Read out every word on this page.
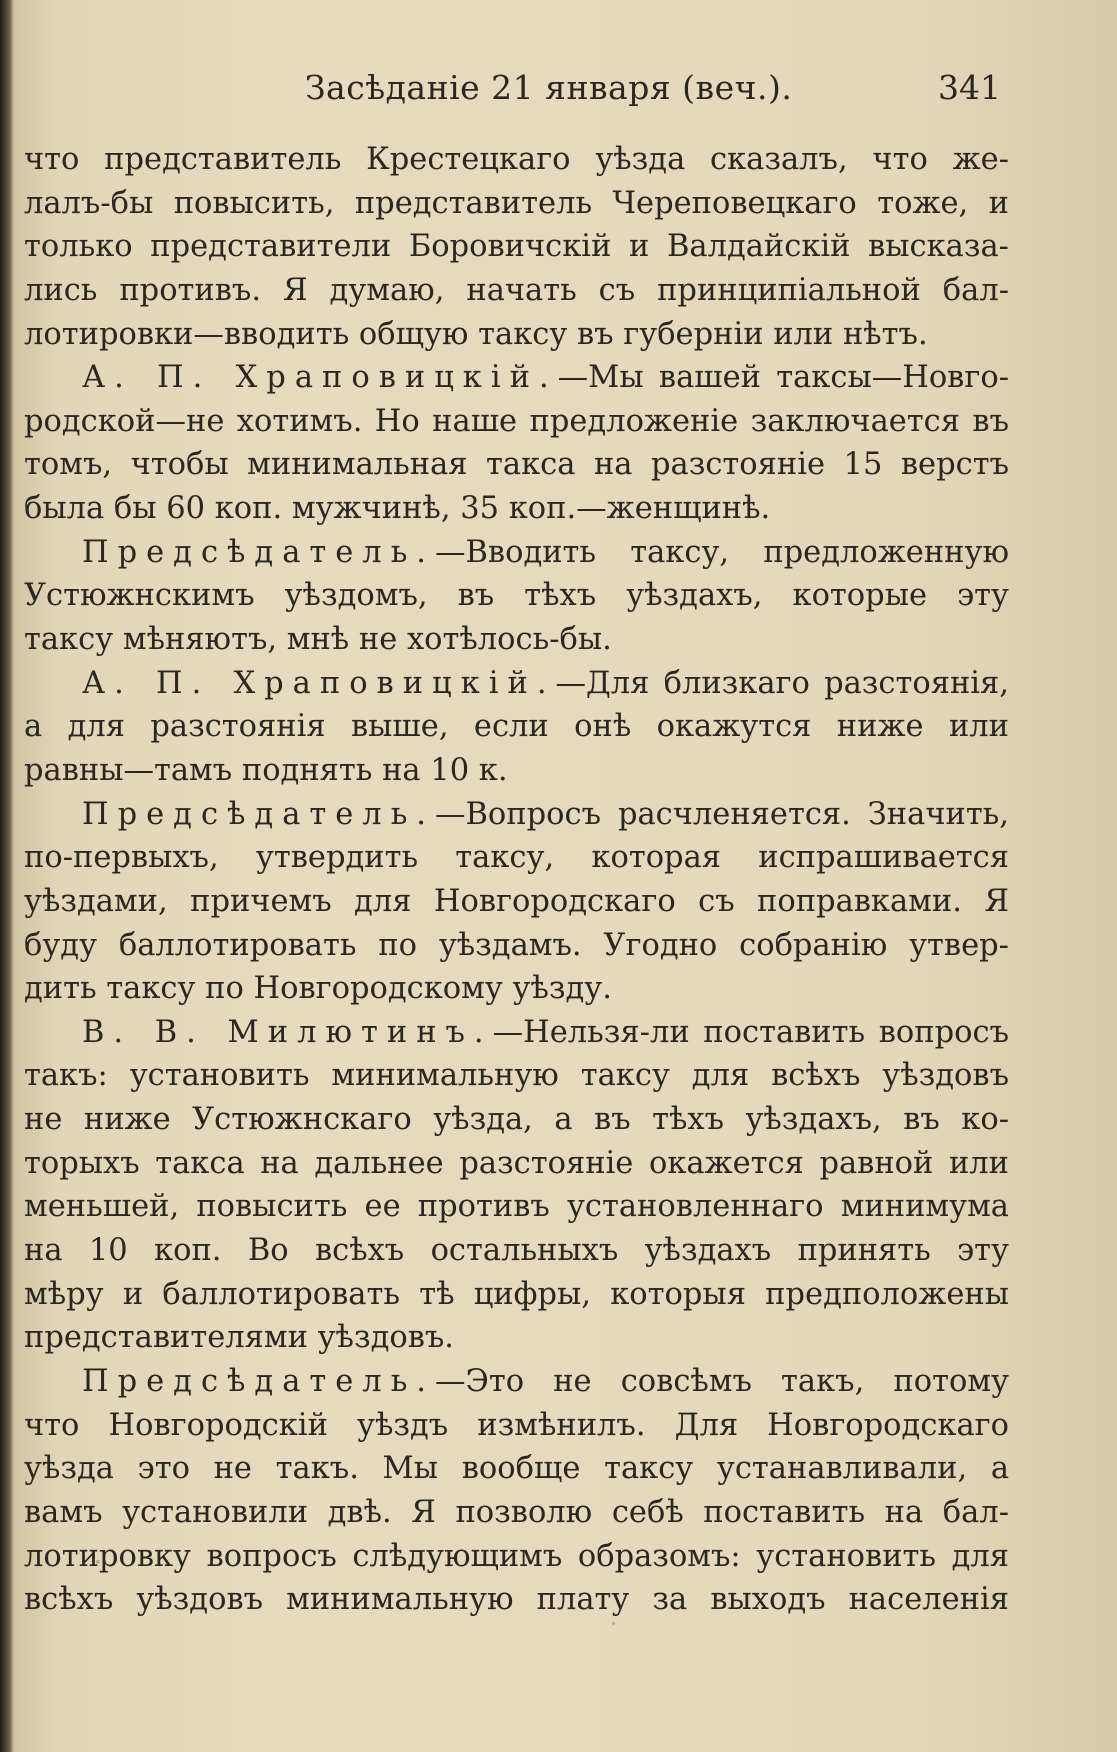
Засѣданіе 21 января (веч.).	341
что представитель Крестецкаго уѣзда сказалъ, что же-
лалъ-бы повысить, представитель Череповецкаго тоже, и
только представители Боровичскій и Валдайскій высказа-
лись противъ. Я думаю, начать съ принципіальной бал-
лотировки—вводить общую таксу въ губерніи или нѣтъ.
А. П. Храповицкій.—Мы вашей таксы—Новго-
родской—не хотимъ. Но наше предложеніе заключается въ
томъ, чтобы минимальная такса на разстояніе 15 верстъ
была бы 60 коп. мужчинѣ, 35 коп.—женщинѣ.
Предсѣдатель.—Вводить таксу, предложенную
Устюжнскимъ уѣздомъ, въ тѣхъ уѣздахъ, которые эту
таксу мѣняютъ, мнѣ не хотѣлось-бы.
А. П. Храповицкій.—Для близкаго разстоянія,
а для разстоянія выше, если онѣ окажутся ниже или
равны—тамъ поднять на 10 к.
Предсѣдатель.—Вопросъ расчленяется. Значить,
по-первыхъ, утвердить таксу, которая испрашивается
уѣздами, причемъ для Новгородскаго съ поправками. Я
буду баллотировать по уѣздамъ. Угодно собранію утвер-
дить таксу по Новгородскому уѣзду.
В. В. Милютинъ.—Нельзя-ли поставить вопросъ
такъ: установить минимальную таксу для всѣхъ уѣздовъ
не ниже Устюжнскаго уѣзда, а въ тѣхъ уѣздахъ, въ ко-
торыхъ такса на дальнее разстояніе окажется равной или
меньшей, повысить ее противъ установленнаго минимума
на 10 коп. Во всѣхъ остальныхъ уѣздахъ принять эту
мѣру и баллотировать тѣ цифры, которыя предположены
представителями уѣздовъ.
Предсѣдатель.—Это не совсѣмъ такъ, потому
что Новгородскій уѣздъ измѣнилъ. Для Новгородскаго
уѣзда это не такъ. Мы вообще таксу устанавливали, а
вамъ установили двѣ. Я позволю себѣ поставить на бал-
лотировку вопросъ слѣдующимъ образомъ: установить для
всѣхъ уѣздовъ минимальную плату за выходъ населенія
